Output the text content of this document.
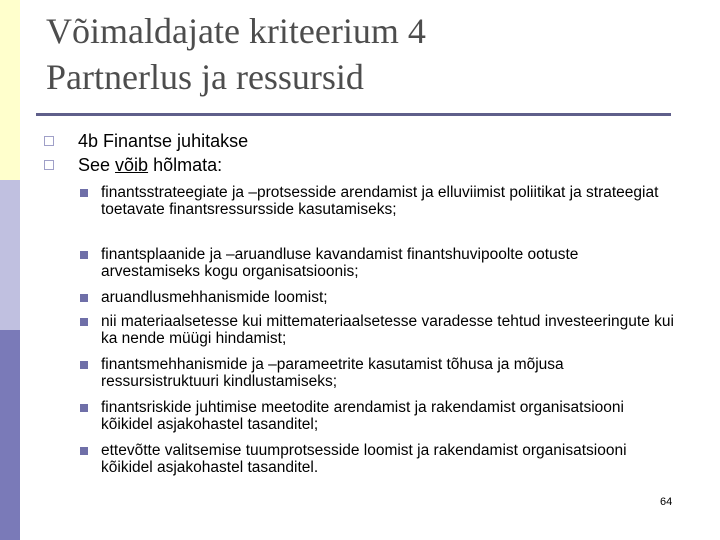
Võimaldajate kriteerium 4
Partnerlus ja ressursid
4b Finantse juhitakse
See võib hõlmata:
finantsstrateegiate ja –protsesside arendamist ja elluviimist poliitikat ja strateegiat toetavate finantsressursside kasutamiseks;
finantsplaanide ja –aruandluse kavandamist finantshuvipoolte ootuste arvestamiseks kogu organisatsioonis;
aruandlusmehhanismide loomist;
nii materiaalsetesse kui mittemateriaalsetesse varadesse tehtud investeeringute kui ka nende müügi hindamist;
finantsmehhanismide ja –parameetrite kasutamist tõhusa ja mõjusa ressursistruktuuri kindlustamiseks;
finantsriskide juhtimise meetodite arendamist ja rakendamist organisatsiooni kõikidel asjakohastel tasanditel;
ettevõtte valitsemise tuumprotsesside loomist ja rakendamist organisatsiooni kõikidel asjakohastel tasanditel.
64
